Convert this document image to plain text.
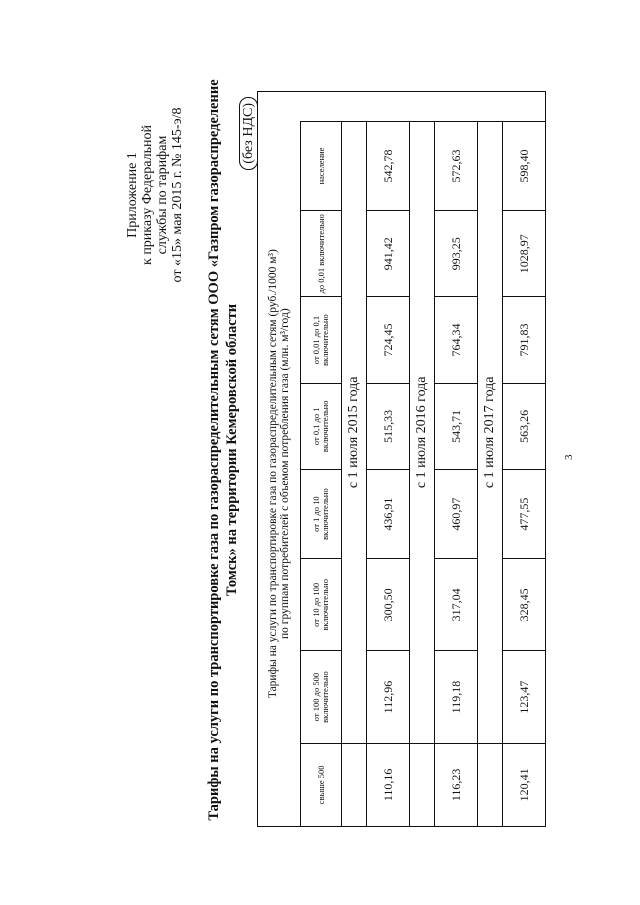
Приложение 1 к приказу Федеральной службы по тарифам от «15» мая 2015 г. № 145-э/8 Тарифы на услуги по транспортировке газа по газораспределительным сетям ООО «Газпром газораспределение Томск» на территории Кемеровской области
(без НДС)
Тарифы на услуги по транспортировке газа по газораспределительным сетям (руб./1000 м³) по группам потребителей с объемом потребления газа (млн. м³/год)								

свыше 500	от 100 до 500 включительно	от 10 до 100 включительно	от 1 до 10 включительно	от 0,1 до 1 включительно	от 0,01 до 0,1 включительно	до 0,01 включительно	население	
	с 1 июля 2015 года							
110,16	112,96	300,50	436,91	515,33	724,45	941,42	542,78	
	с 1 июля 2016 года							
116,23	119,18	317,04	460,97	543,71	764,34	993,25	572,63	
	с 1 июля 2017 года							
120,41	123,47	328,45	477,55	563,26	791,83	1028,97	598,40	
3
